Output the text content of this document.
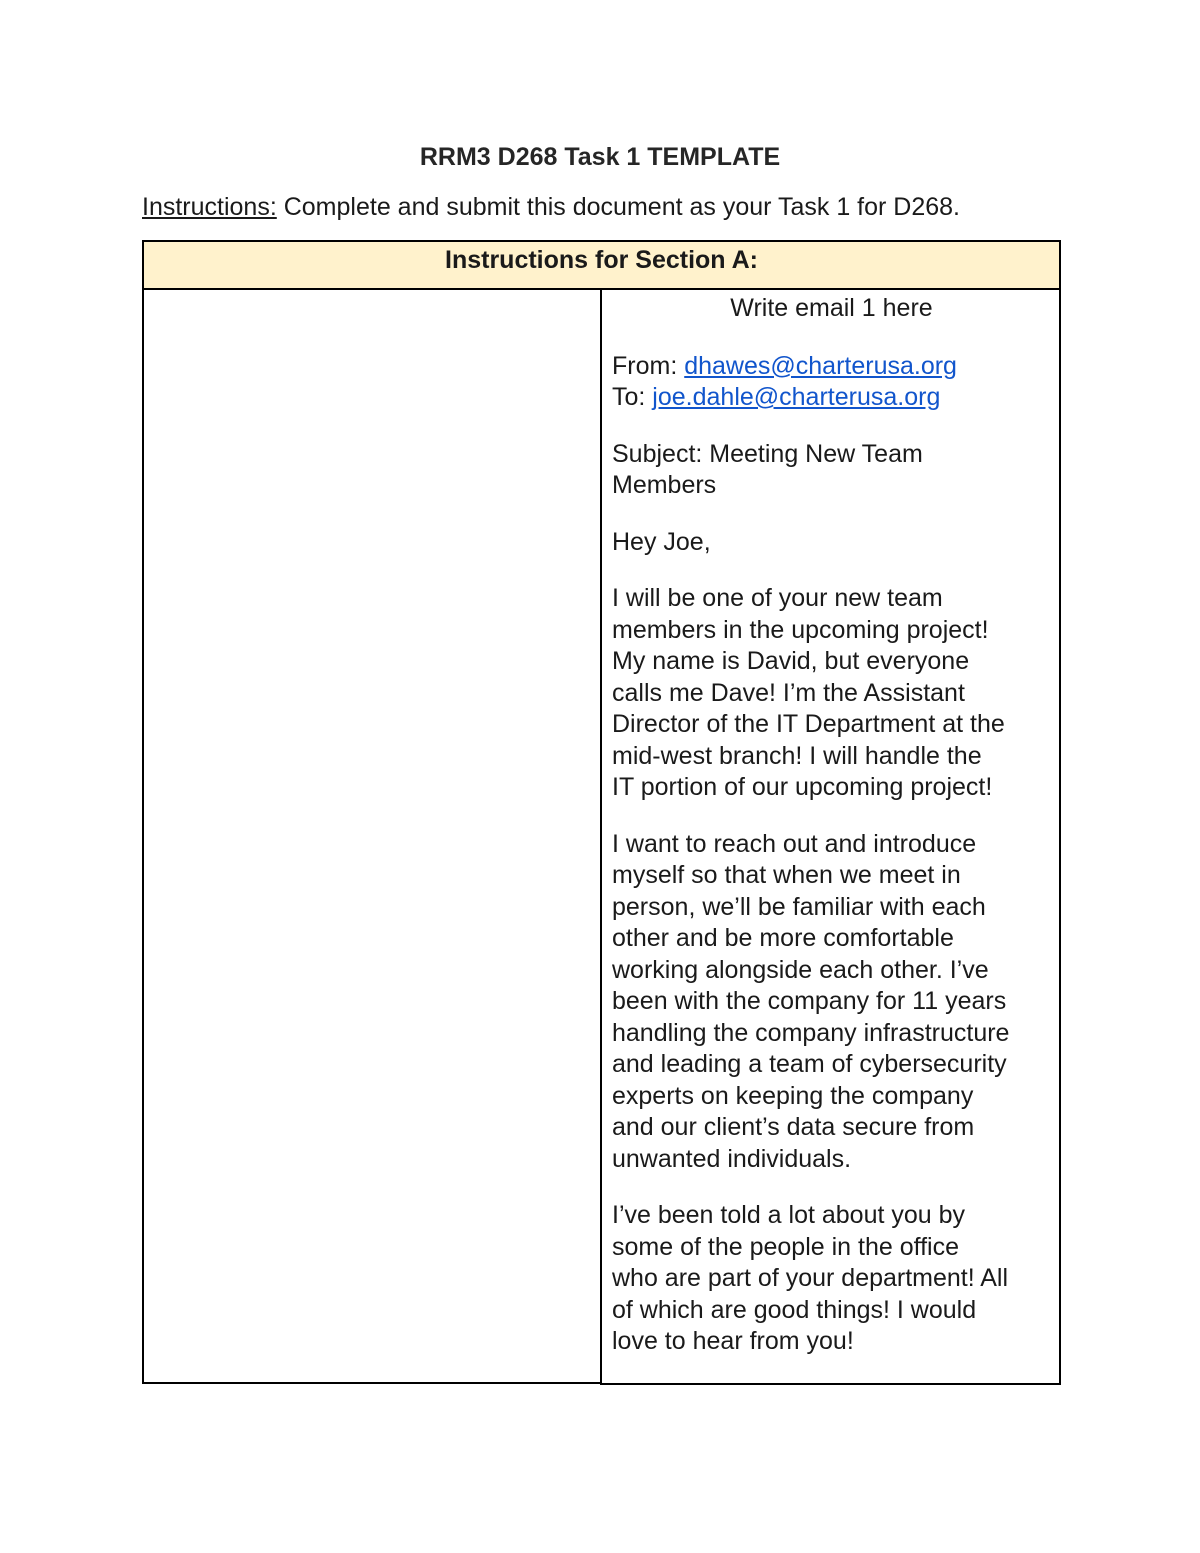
RRM3 D268 Task 1 TEMPLATE
Instructions: Complete and submit this document as your Task 1 for D268.
Instructions for Section A:

Write email 1 here

From: dhawes@charterusa.org

To: joe.dahle@charterusa.org

Subject: Meeting New Team
Members
Hey Joe,
I will be one of your new team
members in the upcoming project!
My name is David, but everyone
calls me Dave! I’m the Assistant
Director of the IT Department at the
mid-west branch! I will handle the
IT portion of our upcoming project!
I want to reach out and introduce
myself so that when we meet in
person, we’ll be familiar with each
other and be more comfortable
working alongside each other. I’ve
been with the company for 11 years
handling the company infrastructure
and leading a team of cybersecurity
experts on keeping the company
and our client’s data secure from
unwanted individuals.
I’ve been told a lot about you by
some of the people in the office
who are part of your department! All
of which are good things! I would
love to hear from you!
